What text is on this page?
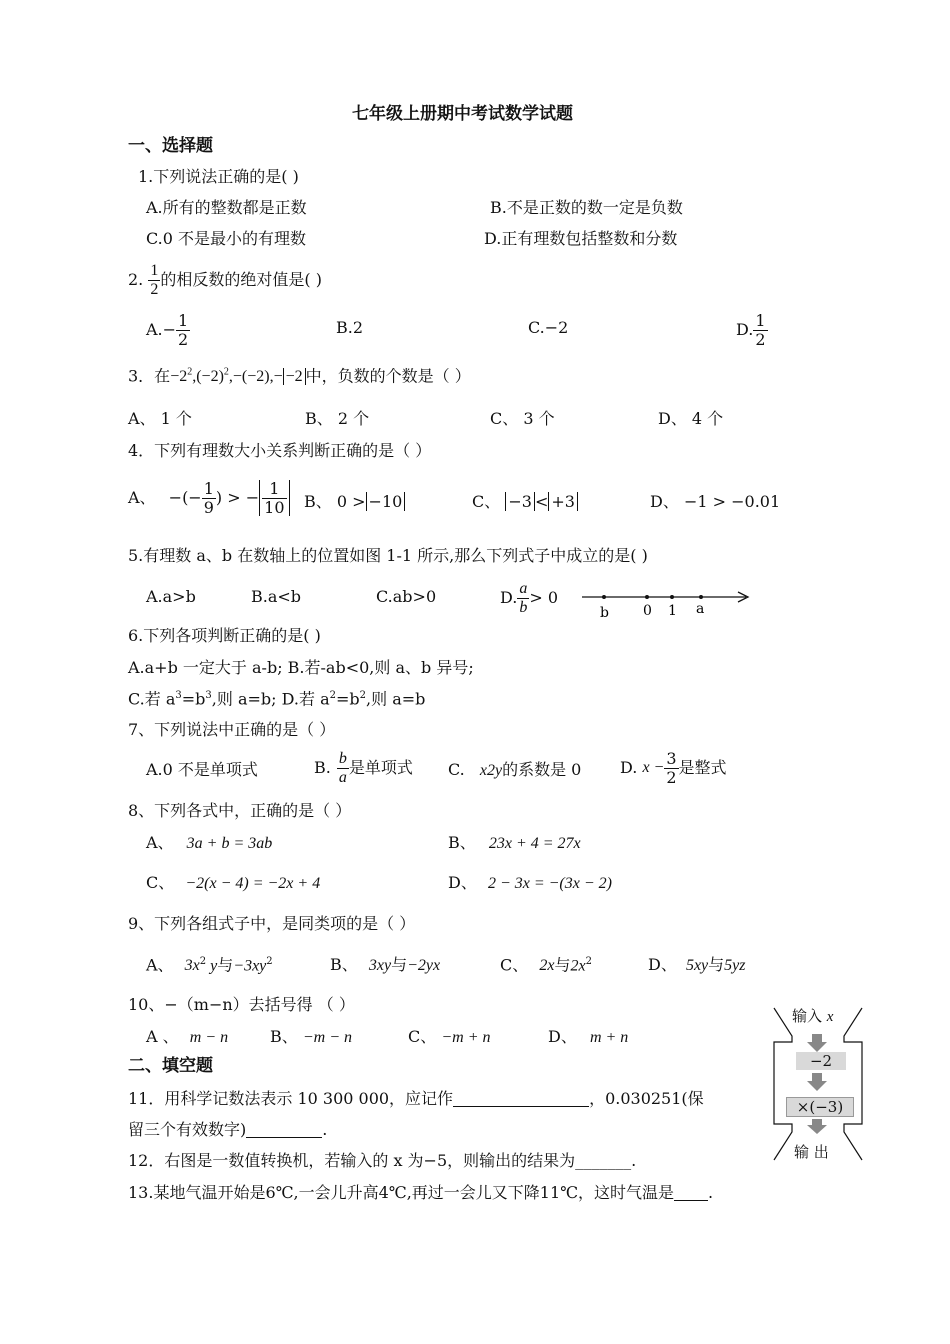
七年级上册期中考试数学试题
一、选择题
1.下列说法正确的是( )
A.所有的整数都是正数	B.不是正数的数一定是负数
C.0 不是最小的有理数	D.正有理数包括整数和分数
2. $\frac{1}{2}$ 的相反数的绝对值是( )
$A.- \frac{1}{2}$	B.2	C.−2	D. $\frac{1}{2}$
3．在$-2^2,(-2)^2,-(-2),- -2$ 中，负数的个数是（ ）
A、 1 个	B、 2 个	C、 3 个	D、 4 个
4．下列有理数大小关系判断正确的是（ ）
A、 −(− $\frac{1}{9}$ ) > − $\frac{1}{10}$ B、 0 > −10	C、 −3 < +3	D、 −1 > −0.01
5.有理数 a、b 在数轴上的位置如图 1-1 所示,那么下列式子中成立的是( )
A.a>b	B.a<b	C.ab>0	D. $\frac{a}{b} > 0$
b 0 1 a
6.下列各项判断正确的是( )
A.a+b 一定大于 a-b; B.若-ab<0,则 a、b 异号;
C.若 $a^3=b^3$,则 a=b; D.若 $a^2=b^2$,则 a=b
7、下列说法中正确的是（ ）
A.0 不是单项式	B. $\frac{b}{a}$ 是单项式 C. x2y的系数是 0 D. $x - \frac{3}{2}$ 是整式
8、下列各式中，正确的是（ ）
A、 3a + b = 3ab	B、 23x + 4 = 27x
C、 −2(x − 4) = −2x + 4	D、 2 − 3x = −(3x − 2)
9、下列各组式子中，是同类项的是（ ）
A、 $3x^2$ y与$-3xy^2$	B、 3xy与−2yx	C、 2x与$2x^2$	D、 5xy与5yz
10、−（m−n）去括号得 （ ）
A 、 m − n	B、 −m − n	C、 −m + n	D、 m + n
二、填空题
11．用科学记数法表示 10 300 000，应记作	，0.030251(保
留三个有效数字)	.
12．右图是一数值转换机，若输入的 x 为−5，则输出的结果为_______.
13.某地气温开始是6℃,一会儿升高4℃,再过一会儿又下降11℃，这时气温是 .
输入 x
−2
×(−3)
输 出
